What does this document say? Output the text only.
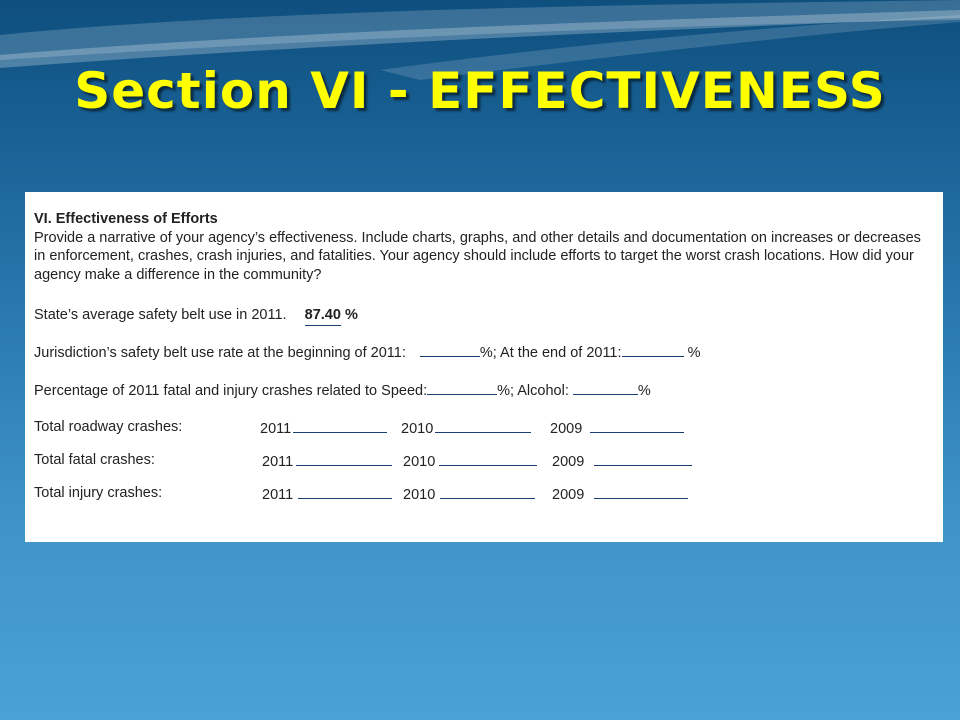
Section VI - EFFECTIVENESS
VI. Effectiveness of Efforts

Provide a narrative of your agency’s effectiveness. Include charts, graphs, and other details and documentation on increases or decreases in enforcement, crashes, crash injuries, and fatalities. Your agency should include efforts to target the worst crash locations. How did your agency make a difference in the community?

State’s average safety belt use in 2011. 87.40 %
Jurisdiction’s safety belt use rate at the beginning of 2011:	%; At the end of 2011:	%
Percentage of 2011 fatal and injury crashes related to Speed:	%; Alcohol:	%
Total roadway crashes:	2011	2010	2009
Total fatal crashes:	2011	2010	2009
Total injury crashes:	2011	2010	2009
